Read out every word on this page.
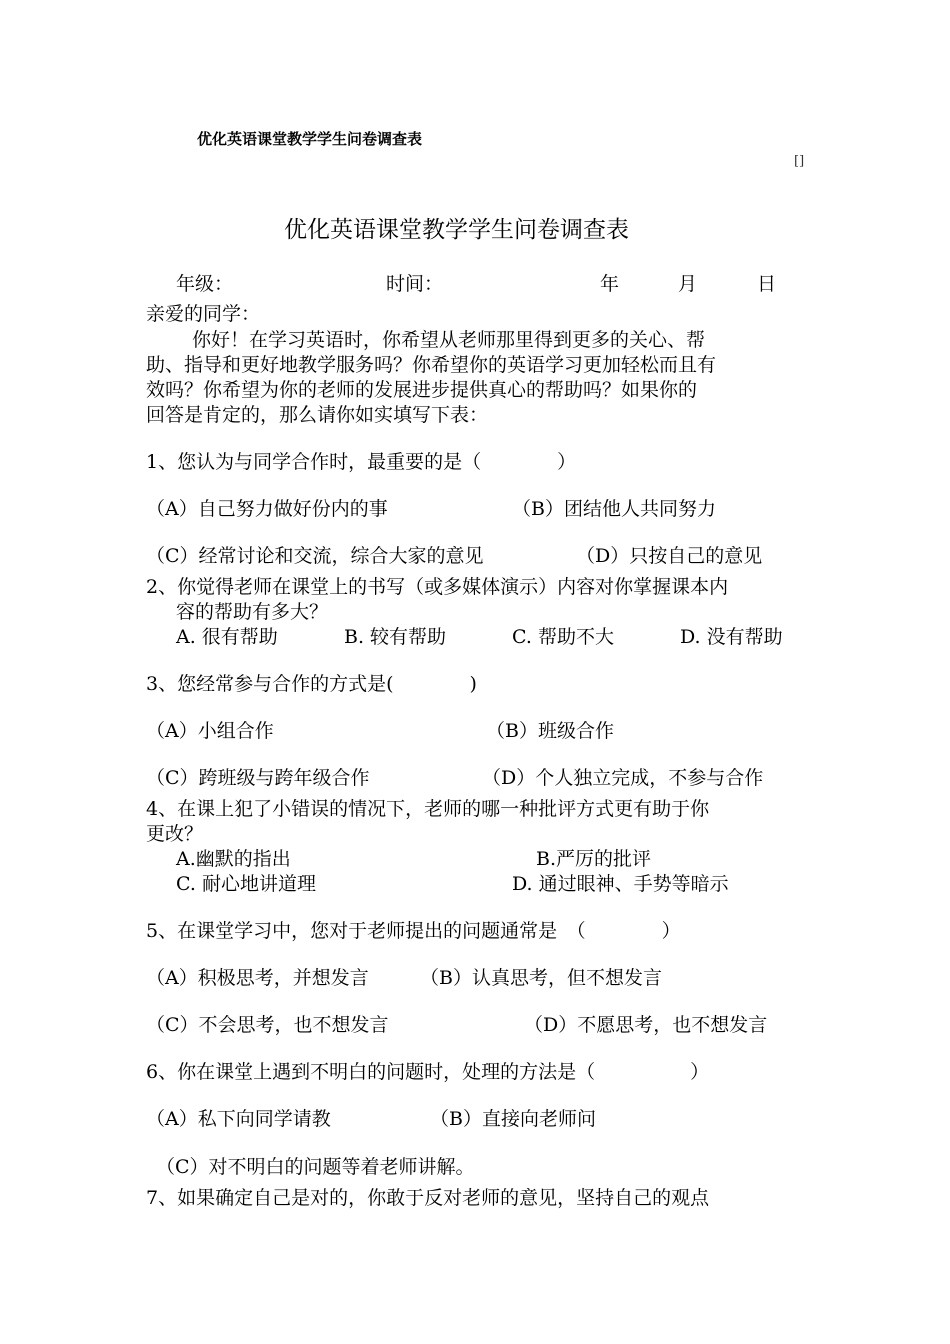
优化英语课堂教学学生问卷调查表
[]
优化英语课堂教学学生问卷调查表
年级：	时间：	年	月	日
亲爱的同学：
你好！在学习英语时，你希望从老师那里得到更多的关心、帮
助、指导和更好地教学服务吗？你希望你的英语学习更加轻松而且有
效吗？你希望为你的老师的发展进步提供真心的帮助吗？如果你的
回答是肯定的，那么请你如实填写下表：
1、您认为与同学合作时，最重要的是（　　　　）
（A）自己努力做好份内的事	（B）团结他人共同努力
（C）经常讨论和交流，综合大家的意见	（D）只按自己的意见
2、你觉得老师在课堂上的书写（或多媒体演示）内容对你掌握课本内
容的帮助有多大？
A. 很有帮助	B. 较有帮助	C. 帮助不大	D. 没有帮助
3、您经常参与合作的方式是(　　　　)
（A）小组合作	（B）班级合作
（C）跨班级与跨年级合作	（D）个人独立完成，不参与合作
4、在课上犯了小错误的情况下，老师的哪一种批评方式更有助于你
更改？
A.幽默的指出	B.严厉的批评
C. 耐心地讲道理	D. 通过眼神、手势等暗示
5、在课堂学习中，您对于老师提出的问题通常是　（　　　　）
（A）积极思考，并想发言	（B）认真思考，但不想发言
（C）不会思考，也不想发言	（D）不愿思考，也不想发言
6、你在课堂上遇到不明白的问题时，处理的方法是（　　　　　）
（A）私下向同学请教	（B）直接向老师问
（C）对不明白的问题等着老师讲解。
7、如果确定自己是对的，你敢于反对老师的意见，坚持自己的观点
